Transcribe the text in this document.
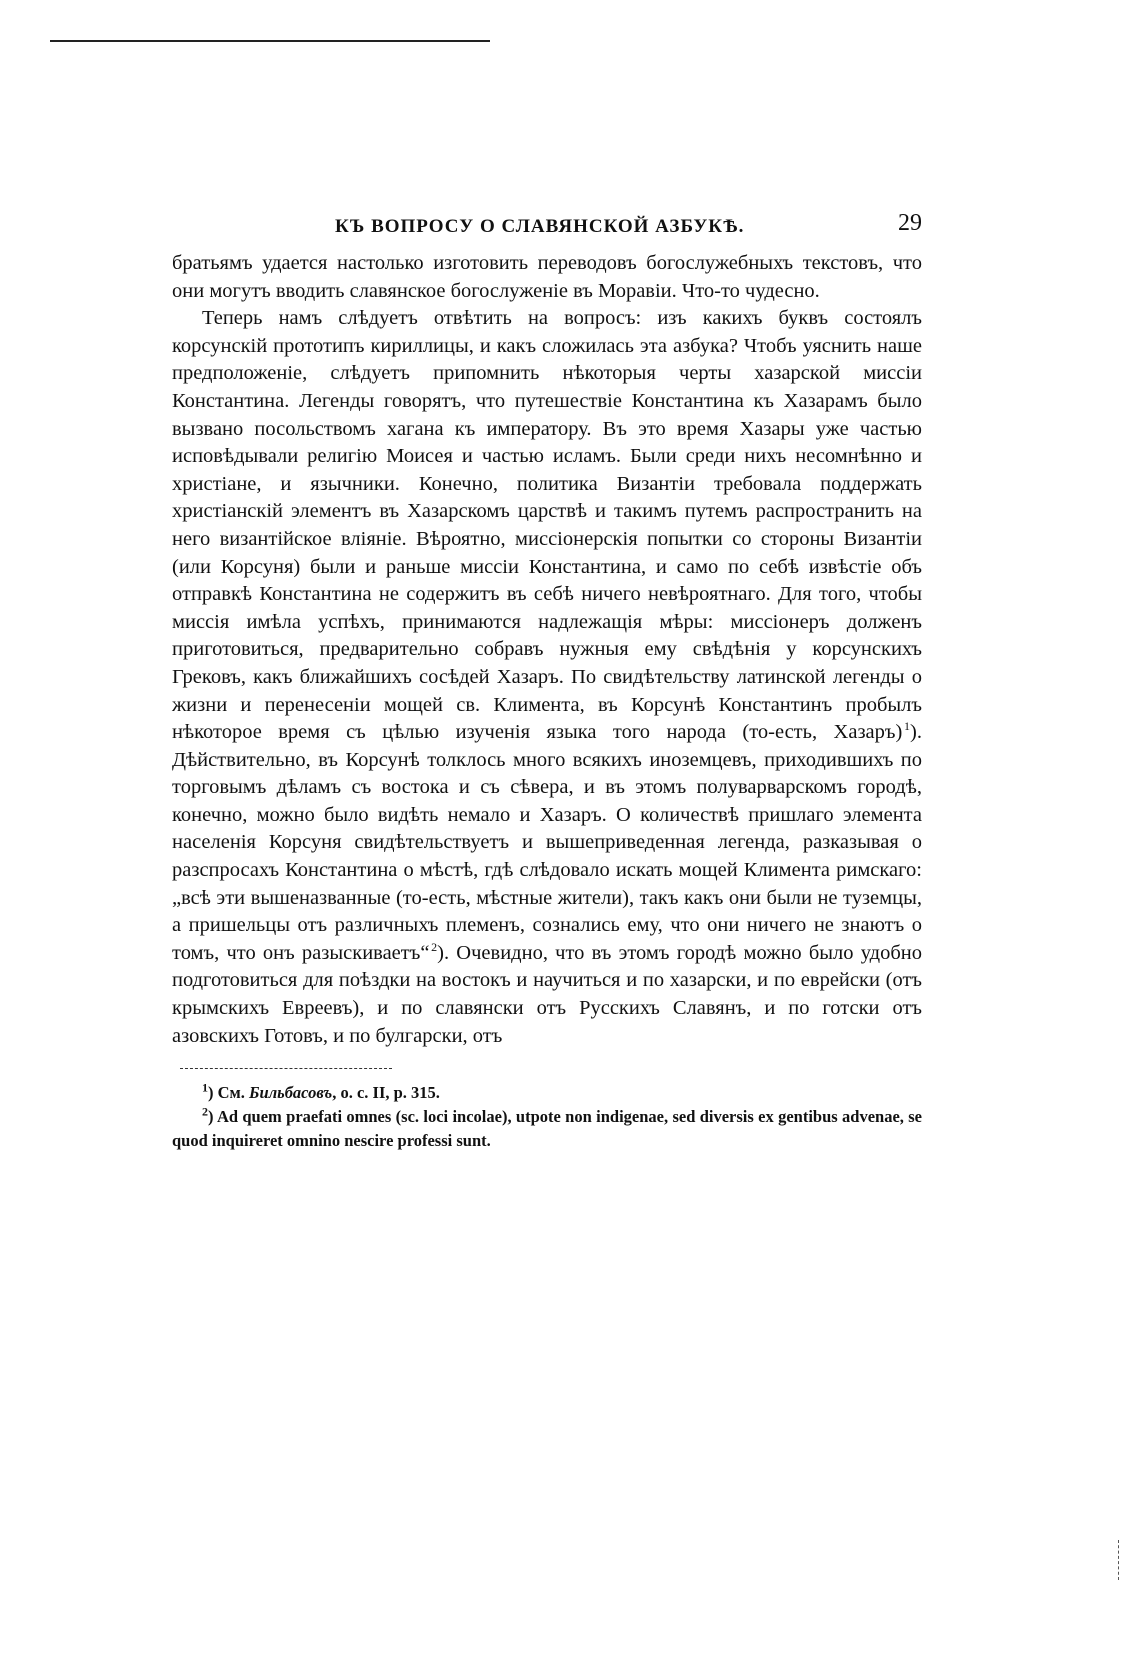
КЪ ВОПРОСУ О СЛАВЯНСКОЙ АЗБУКѢ.	29

братьямъ удается настолько изготовить переводовъ богослужебныхъ текстовъ, что они могутъ вводить славянское богослуженіе въ Моравіи. Что-то чудесно.

Теперь намъ слѣдуетъ отвѣтить на вопросъ: изъ какихъ буквъ состоялъ корсунскій прототипъ кириллицы, и какъ сложилась эта азбука? Чтобъ уяснить наше предположеніе, слѣдуетъ припомнить нѣкоторыя черты хазарской миссіи Константина. Легенды говорятъ, что путешествіе Константина къ Хазарамъ было вызвано посольствомъ хагана къ императору. Въ это время Хазары уже частью исповѣдывали религію Моисея и частью исламъ. Были среди нихъ несомнѣнно и христіане, и язычники. Конечно, политика Византіи требовала поддержать христіанскій элементъ въ Хазарскомъ царствѣ и такимъ путемъ распространить на него византійское вліяніе. Вѣроятно, миссіонерскія попытки со стороны Византіи (или Корсуня) были и раньше миссіи Константина, и само по себѣ извѣстіе объ отправкѣ Константина не содержитъ въ себѣ ничего невѣроятнаго. Для того, чтобы миссія имѣла успѣхъ, принимаются надлежащія мѣры: миссіонеръ долженъ приготовиться, предварительно собравъ нужныя ему свѣдѣнія у корсунскихъ Грековъ, какъ ближайшихъ сосѣдей Хазаръ. По свидѣтельству латинской легенды о жизни и перенесеніи мощей св. Климента, въ Корсунѣ Константинъ пробылъ нѣкоторое время съ цѣлью изученія языка того народа (то-есть, Хазаръ)  $^1$). Дѣйствительно, въ Корсунѣ толклось много всякихъ иноземцевъ, приходившихъ по торговымъ дѣламъ съ востока и съ сѣвера, и въ этомъ полуварварскомъ городѣ, конечно, можно было видѣть немало и Хазаръ. О количествѣ пришлаго элемента населенія Корсуня свидѣтельствуетъ и вышеприведенная легенда, разказывая о разспросахъ Константина о мѣстѣ, гдѣ слѣдовало искать мощей Климента римскаго: „всѣ эти вышеназванные (то-есть, мѣстные жители), такъ какъ они были не туземцы, а пришельцы отъ различныхъ племенъ, сознались ему, что они ничего не знаютъ о томъ, что онъ разыскиваетъ“  $^2$). Очевидно, что въ этомъ городѣ можно было удобно подготовиться для поѣздки на востокъ и научиться и по хазарски, и по еврейски (отъ крымскихъ Евреевъ), и по славянски отъ Русскихъ Славянъ, и по готски отъ азовскихъ Готовъ, и по булгарски, отъ

$^1$) См. Бильбасовъ, о. с. II, р. 315.

$^2$) Ad quem praefati omnes (sc. loci incolae), utpote non indigenae, sed diversis ex gentibus advenae, se quod inquireret omnino nescire professi sunt.
